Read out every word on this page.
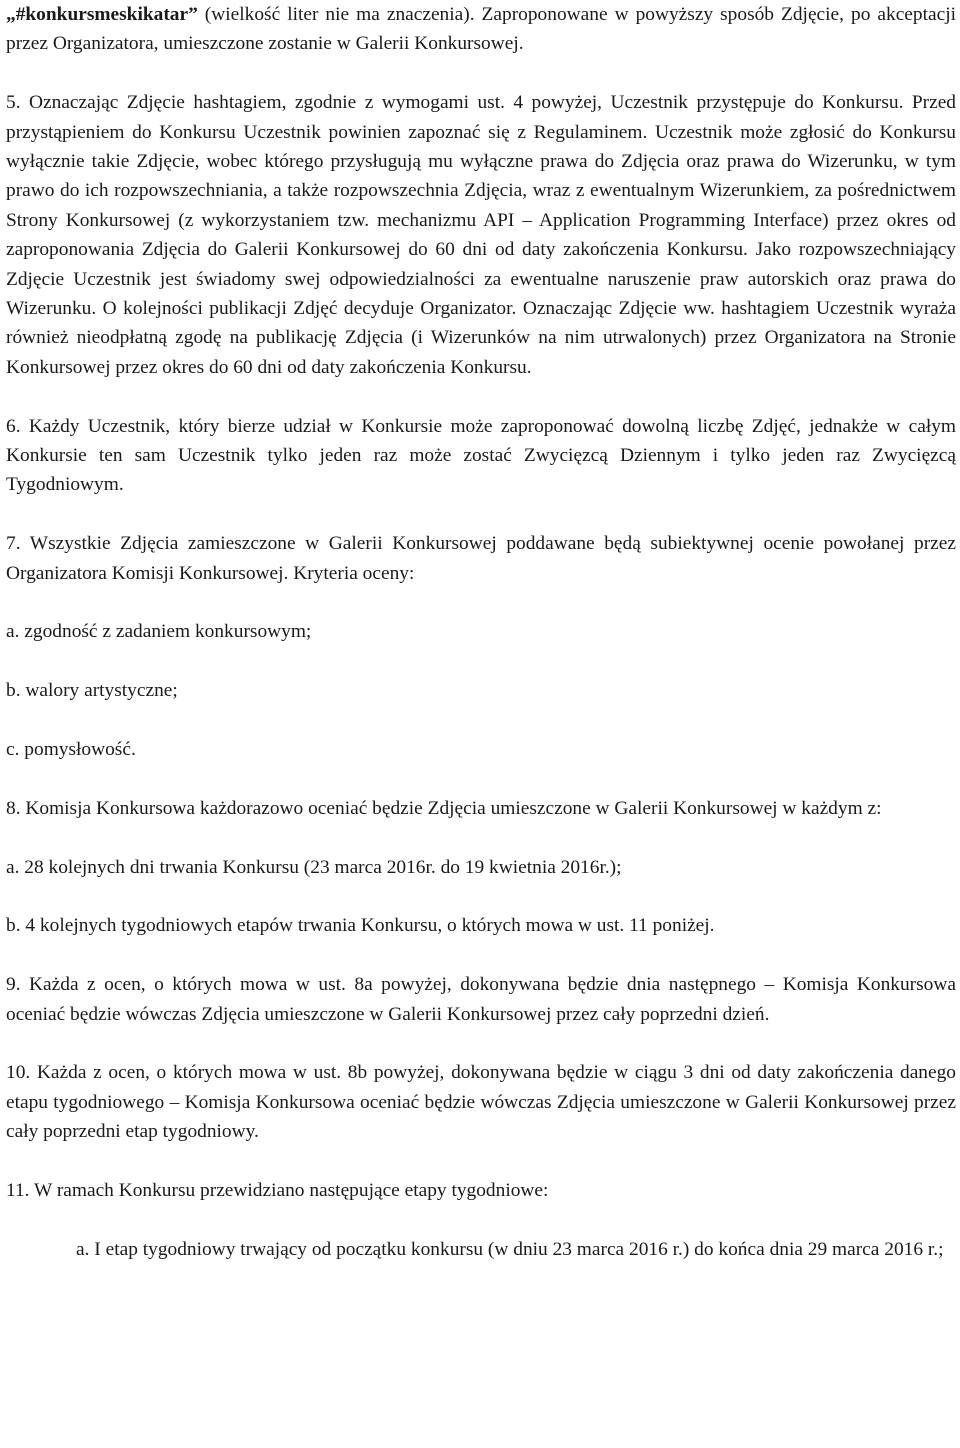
„#konkursmeskikatar” (wielkość liter nie ma znaczenia). Zaproponowane w powyższy sposób Zdjęcie, po akceptacji przez Organizatora, umieszczone zostanie w Galerii Konkursowej.

5. Oznaczając Zdjęcie hashtagiem, zgodnie z wymogami ust. 4 powyżej, Uczestnik przystępuje do Konkursu. Przed przystąpieniem do Konkursu Uczestnik powinien zapoznać się z Regulaminem. Uczestnik może zgłosić do Konkursu wyłącznie takie Zdjęcie, wobec którego przysługują mu wyłączne prawa do Zdjęcia oraz prawa do Wizerunku, w tym prawo do ich rozpowszechniania, a także rozpowszechnia Zdjęcia, wraz z ewentualnym Wizerunkiem, za pośrednictwem Strony Konkursowej (z wykorzystaniem tzw. mechanizmu API – Application Programming Interface) przez okres od zaproponowania Zdjęcia do Galerii Konkursowej do 60 dni od daty zakończenia Konkursu. Jako rozpowszechniający Zdjęcie Uczestnik jest świadomy swej odpowiedzialności za ewentualne naruszenie praw autorskich oraz prawa do Wizerunku. O kolejności publikacji Zdjęć decyduje Organizator. Oznaczając Zdjęcie ww. hashtagiem Uczestnik wyraża również nieodpłatną zgodę na publikację Zdjęcia (i Wizerunków na nim utrwalonych) przez Organizatora na Stronie Konkursowej przez okres do 60 dni od daty zakończenia Konkursu.

6. Każdy Uczestnik, który bierze udział w Konkursie może zaproponować dowolną liczbę Zdjęć, jednakże w całym Konkursie ten sam Uczestnik tylko jeden raz może zostać Zwycięzcą Dziennym i tylko jeden raz Zwycięzcą Tygodniowym.

7. Wszystkie Zdjęcia zamieszczone w Galerii Konkursowej poddawane będą subiektywnej ocenie powołanej przez Organizatora Komisji Konkursowej. Kryteria oceny:

a. zgodność z zadaniem konkursowym;

b. walory artystyczne;

c. pomysłowość.

8. Komisja Konkursowa każdorazowo oceniać będzie Zdjęcia umieszczone w Galerii Konkursowej w każdym z:

a. 28 kolejnych dni trwania Konkursu (23 marca 2016r. do 19 kwietnia 2016r.);

b. 4 kolejnych tygodniowych etapów trwania Konkursu, o których mowa w ust. 11 poniżej.

9. Każda z ocen, o których mowa w ust. 8a powyżej, dokonywana będzie dnia następnego – Komisja Konkursowa oceniać będzie wówczas Zdjęcia umieszczone w Galerii Konkursowej przez cały poprzedni dzień.

10. Każda z ocen, o których mowa w ust. 8b powyżej, dokonywana będzie w ciągu 3 dni od daty zakończenia danego etapu tygodniowego – Komisja Konkursowa oceniać będzie wówczas Zdjęcia umieszczone w Galerii Konkursowej przez cały poprzedni etap tygodniowy.

11. W ramach Konkursu przewidziano następujące etapy tygodniowe:

a. I etap tygodniowy trwający od początku konkursu (w dniu 23 marca 2016 r.) do końca dnia 29 marca 2016 r.;
